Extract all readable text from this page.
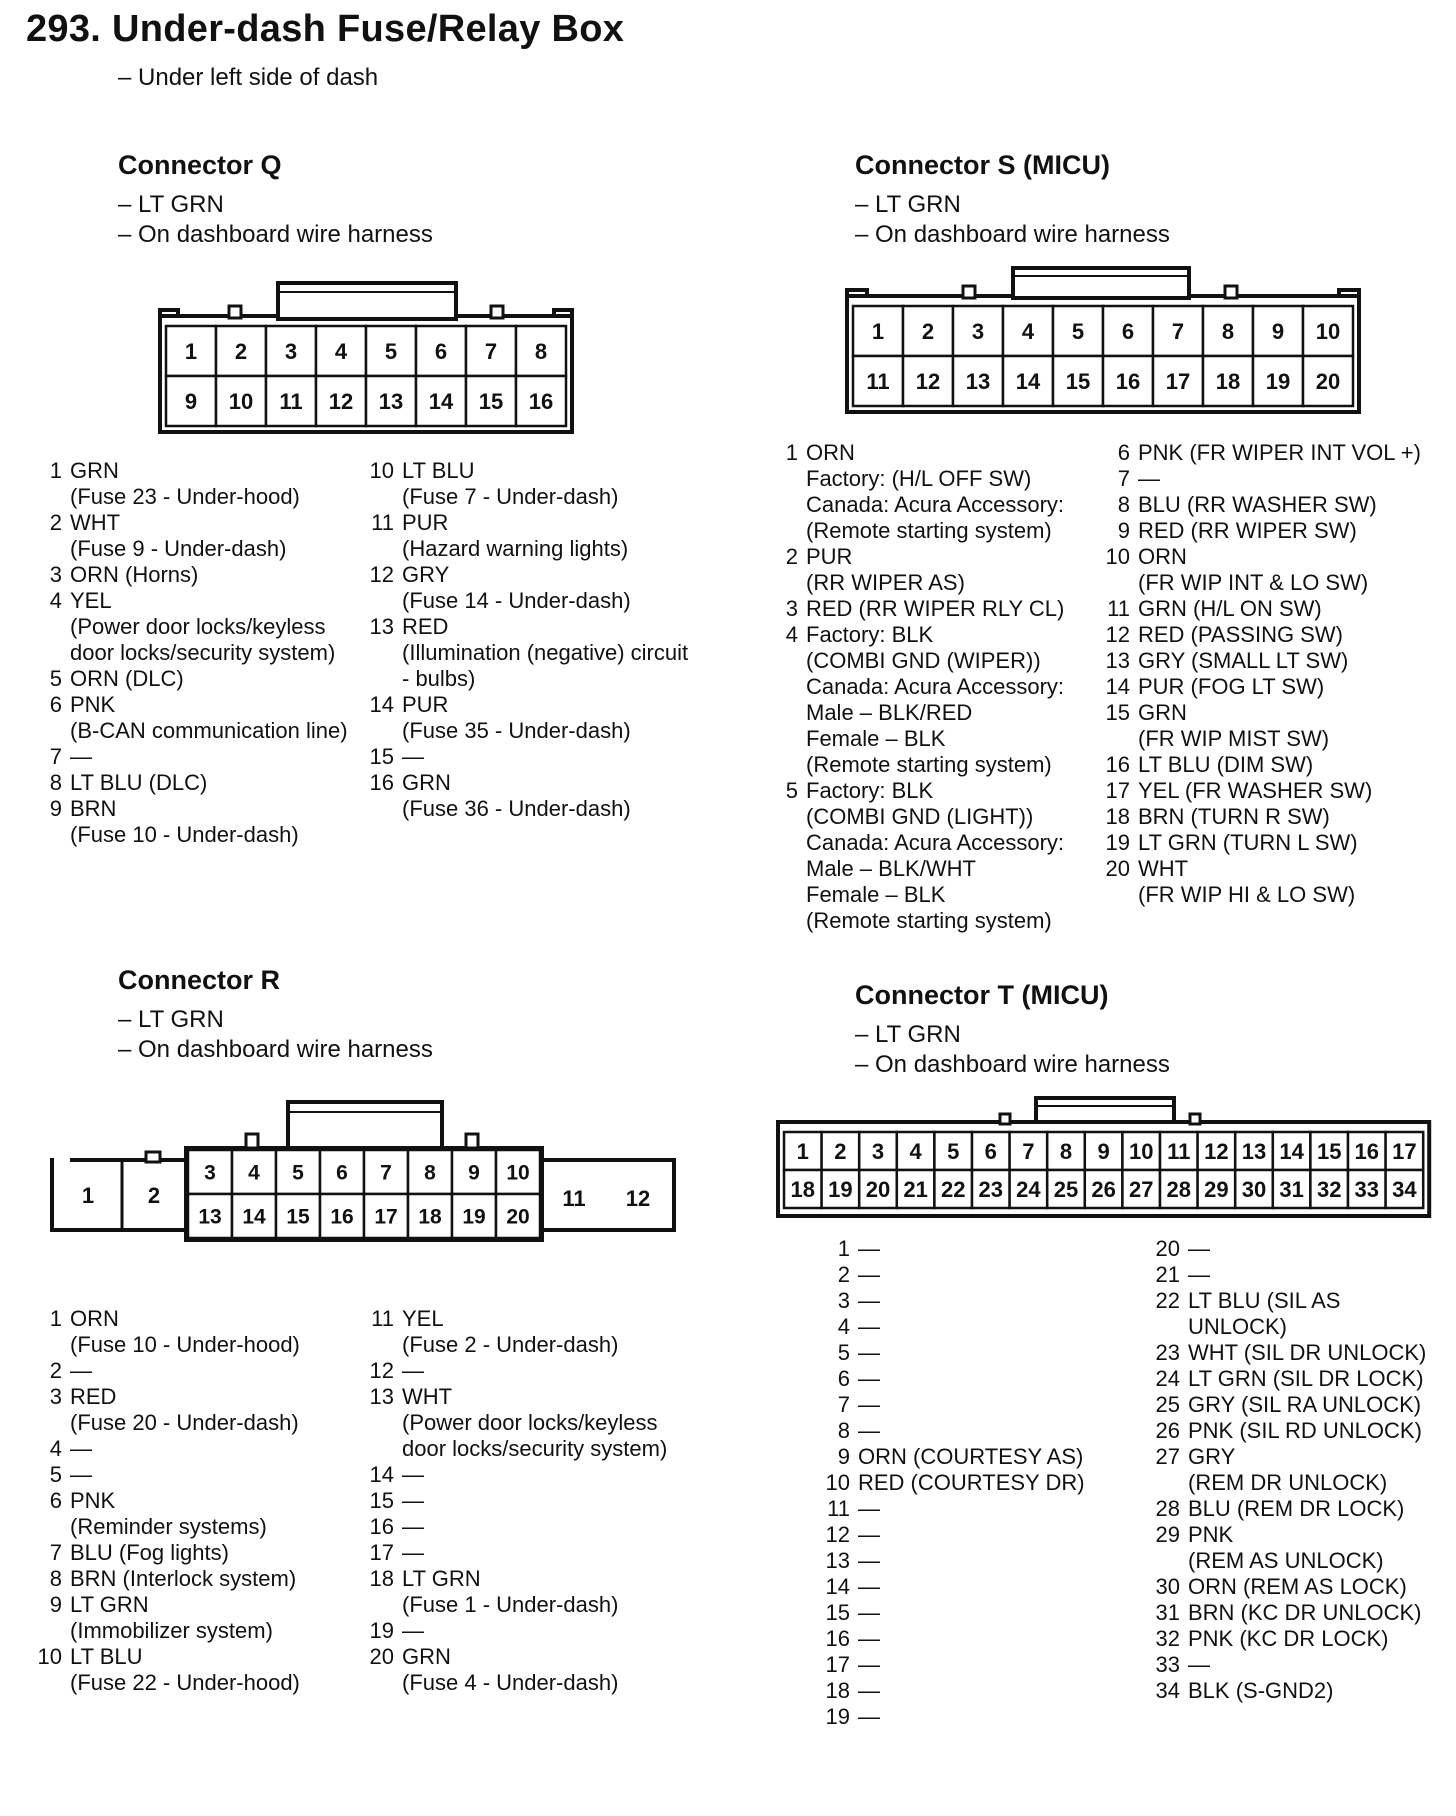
293. Under-dash Fuse/Relay Box
– Under left side of dash
Connector Q
– LT GRN
– On dashboard wire harness
1 2 3 4 5 6 7 8
9 10 11 12 13 14 15 16
1 2 3 4 5 6 7 8 9 10
11 12 13 14 15 16 17 18 19 20
1 2
3 4 5 6 7 8 9 10
13 14 15 16 17 18 19 20
11 12
1 2 3 4 5 6 7 8 9 10 11 12 13 14 15 16 17
18 19 20 21 22 23 24 25 26 27 28 29 30 31 32 33 34
Connector S (MICU)
– LT GRN
– On dashboard wire harness
Connector R
– LT GRN
– On dashboard wire harness
Connector T (MICU)
– LT GRN
– On dashboard wire harness
1 GRN
(Fuse 23 - Under-hood)
2 WHT
(Fuse 9 - Under-dash)
3 ORN (Horns)
4 YEL
(Power door locks/keyless
door locks/security system)
5 ORN (DLC)
6 PNK
(B-CAN communication line)
7 —
8 LT BLU (DLC)
9 BRN
(Fuse 10 - Under-dash)
10 LT BLU
(Fuse 7 - Under-dash)
11 PUR
(Hazard warning lights)
12 GRY
(Fuse 14 - Under-dash)
13 RED
(Illumination (negative) circuit
- bulbs)
14 PUR
(Fuse 35 - Under-dash)
15 —
16 GRN
(Fuse 36 - Under-dash)
1 ORN
Factory: (H/L OFF SW)
Canada: Acura Accessory:
(Remote starting system)
2 PUR
(RR WIPER AS)
3 RED (RR WIPER RLY CL)
4 Factory: BLK
(COMBI GND (WIPER))
Canada: Acura Accessory:
Male – BLK/RED
Female – BLK
(Remote starting system)
5 Factory: BLK
(COMBI GND (LIGHT))
Canada: Acura Accessory:
Male – BLK/WHT
Female – BLK
(Remote starting system)
6 PNK (FR WIPER INT VOL +)
7 —
8 BLU (RR WASHER SW)
9 RED (RR WIPER SW)
10 ORN
(FR WIP INT & LO SW)
11 GRN (H/L ON SW)
12 RED (PASSING SW)
13 GRY (SMALL LT SW)
14 PUR (FOG LT SW)
15 GRN
(FR WIP MIST SW)
16 LT BLU (DIM SW)
17 YEL (FR WASHER SW)
18 BRN (TURN R SW)
19 LT GRN (TURN L SW)
20 WHT
(FR WIP HI & LO SW)
1 ORN
(Fuse 10 - Under-hood)
2 —
3 RED
(Fuse 20 - Under-dash)
4 —
5 —
6 PNK
(Reminder systems)
7 BLU (Fog lights)
8 BRN (Interlock system)
9 LT GRN
(Immobilizer system)
10 LT BLU
(Fuse 22 - Under-hood)
11 YEL
(Fuse 2 - Under-dash)
12 —
13 WHT
(Power door locks/keyless
door locks/security system)
14 —
15 —
16 —
17 —
18 LT GRN
(Fuse 1 - Under-dash)
19 —
20 GRN
(Fuse 4 - Under-dash)
1 —
2 —
3 —
4 —
5 —
6 —
7 —
8 —
9 ORN (COURTESY AS)
10 RED (COURTESY DR)
11 —
12 —
13 —
14 —
15 —
16 —
17 —
18 —
19 —
20 —
21 —
22 LT BLU (SIL AS
UNLOCK)
23 WHT (SIL DR UNLOCK)
24 LT GRN (SIL DR LOCK)
25 GRY (SIL RA UNLOCK)
26 PNK (SIL RD UNLOCK)
27 GRY
(REM DR UNLOCK)
28 BLU (REM DR LOCK)
29 PNK
(REM AS UNLOCK)
30 ORN (REM AS LOCK)
31 BRN (KC DR UNLOCK)
32 PNK (KC DR LOCK)
33 —
34 BLK (S-GND2)
